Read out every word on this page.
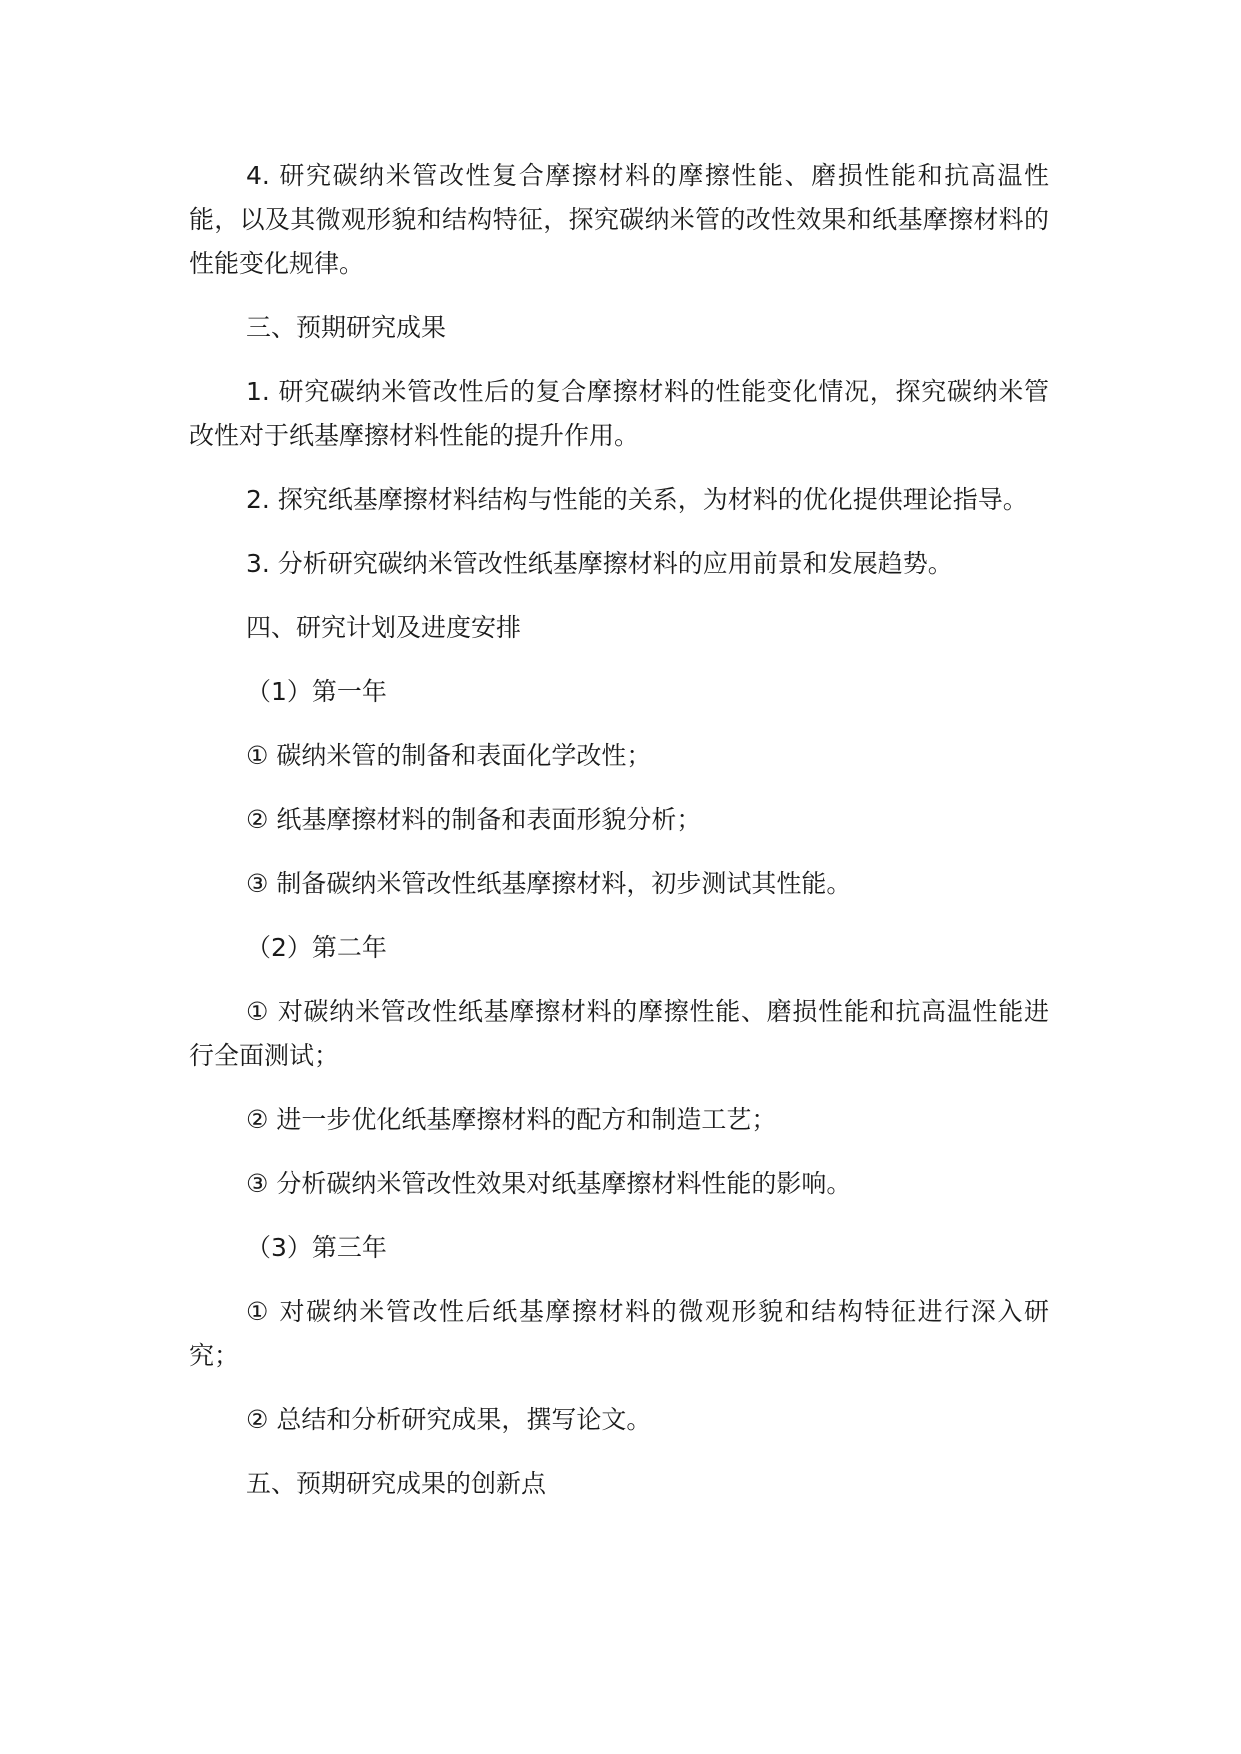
4. 研究碳纳米管改性复合摩擦材料的摩擦性能、磨损性能和抗高温性能，以及其微观形貌和结构特征，探究碳纳米管的改性效果和纸基摩擦材料的性能变化规律。

三、预期研究成果

1. 研究碳纳米管改性后的复合摩擦材料的性能变化情况，探究碳纳米管改性对于纸基摩擦材料性能的提升作用。

2. 探究纸基摩擦材料结构与性能的关系，为材料的优化提供理论指导。

3. 分析研究碳纳米管改性纸基摩擦材料的应用前景和发展趋势。

四、研究计划及进度安排

（1）第一年

① 碳纳米管的制备和表面化学改性；

② 纸基摩擦材料的制备和表面形貌分析；

③ 制备碳纳米管改性纸基摩擦材料，初步测试其性能。

（2）第二年

① 对碳纳米管改性纸基摩擦材料的摩擦性能、磨损性能和抗高温性能进行全面测试；

② 进一步优化纸基摩擦材料的配方和制造工艺；

③ 分析碳纳米管改性效果对纸基摩擦材料性能的影响。

（3）第三年

① 对碳纳米管改性后纸基摩擦材料的微观形貌和结构特征进行深入研究；

② 总结和分析研究成果，撰写论文。

五、预期研究成果的创新点
